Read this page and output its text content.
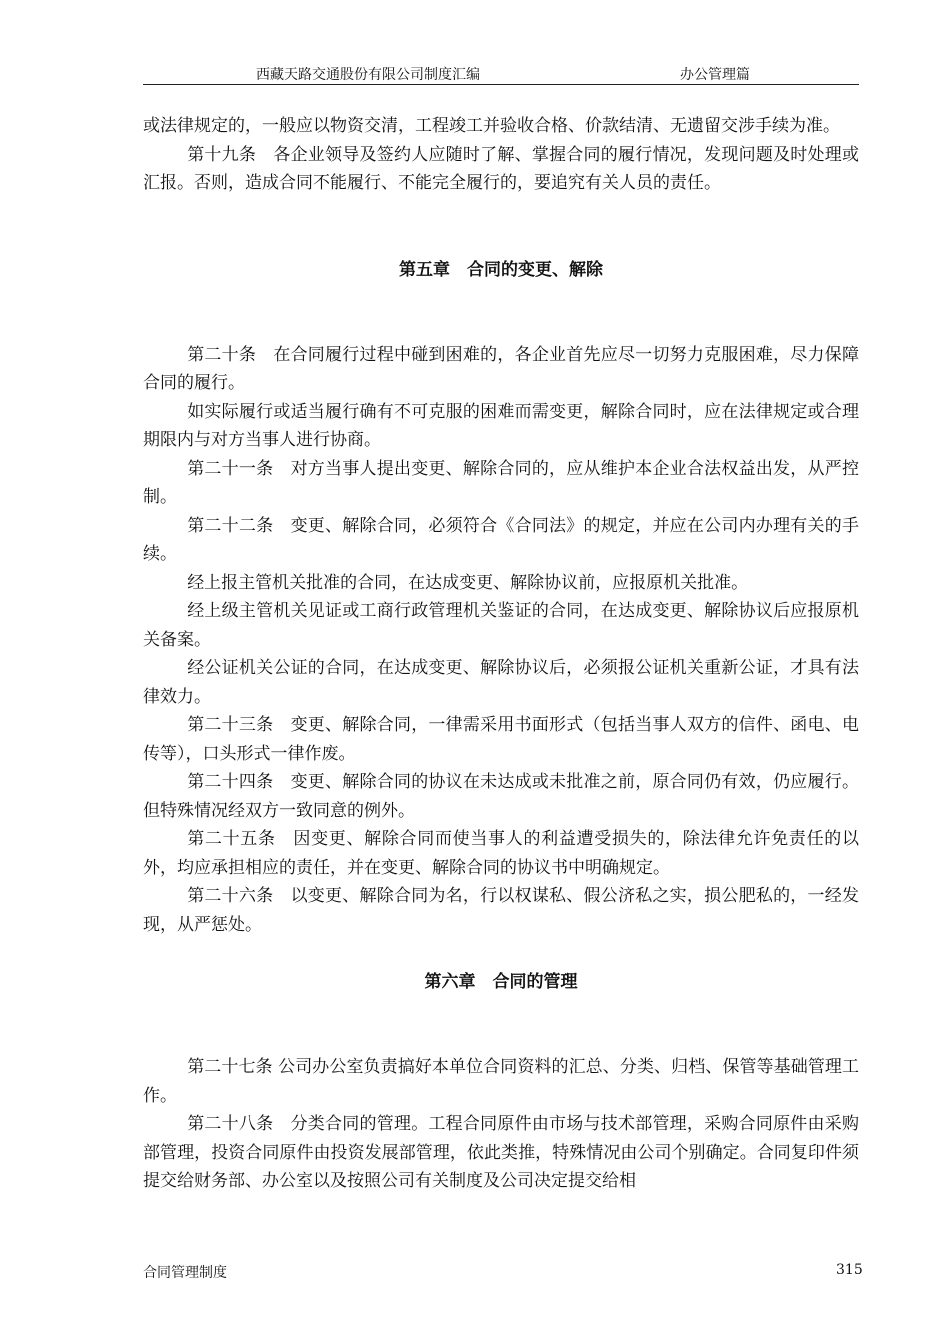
西藏天路交通股份有限公司制度汇编	办公管理篇

或法律规定的，一般应以物资交清，工程竣工并验收合格、价款结清、无遗留交涉手续为准。

第十九条　各企业领导及签约人应随时了解、掌握合同的履行情况，发现问题及时处理或汇报。否则，造成合同不能履行、不能完全履行的，要追究有关人员的责任。

第五章　合同的变更、解除

第二十条　在合同履行过程中碰到困难的，各企业首先应尽一切努力克服困难，尽力保障合同的履行。

如实际履行或适当履行确有不可克服的困难而需变更，解除合同时，应在法律规定或合理期限内与对方当事人进行协商。

第二十一条　对方当事人提出变更、解除合同的，应从维护本企业合法权益出发，从严控制。

第二十二条　变更、解除合同，必须符合《合同法》的规定，并应在公司内办理有关的手续。

经上报主管机关批准的合同，在达成变更、解除协议前，应报原机关批准。

经上级主管机关见证或工商行政管理机关鉴证的合同，在达成变更、解除协议后应报原机关备案。

经公证机关公证的合同，在达成变更、解除协议后，必须报公证机关重新公证，才具有法律效力。

第二十三条　变更、解除合同，一律需采用书面形式（包括当事人双方的信件、函电、电传等），口头形式一律作废。

第二十四条　变更、解除合同的协议在未达成或未批准之前，原合同仍有效，仍应履行。但特殊情况经双方一致同意的例外。

第二十五条　因变更、解除合同而使当事人的利益遭受损失的，除法律允许免责任的以外，均应承担相应的责任，并在变更、解除合同的协议书中明确规定。

第二十六条　以变更、解除合同为名，行以权谋私、假公济私之实，损公肥私的，一经发现，从严惩处。

第六章　合同的管理

第二十七条 公司办公室负责搞好本单位合同资料的汇总、分类、归档、保管等基础管理工作。

第二十八条　分类合同的管理。工程合同原件由市场与技术部管理，采购合同原件由采购部管理，投资合同原件由投资发展部管理，依此类推，特殊情况由公司个别确定。合同复印件须提交给财务部、办公室以及按照公司有关制度及公司决定提交给相

合同管理制度	315
